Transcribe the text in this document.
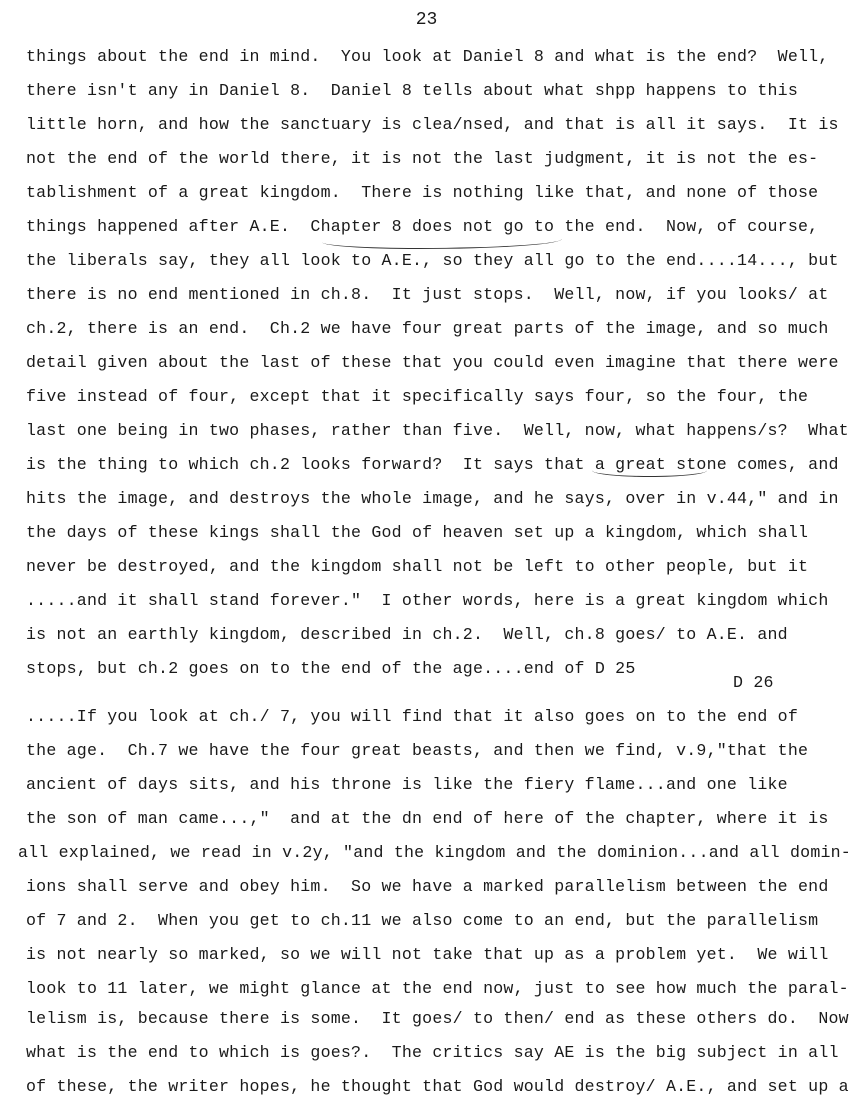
23
things about the end in mind.  You look at Daniel 8 and what is the end?  Well,
there isn't any in Daniel 8.  Daniel 8 tells about what shpp happens to this
little horn, and how the sanctuary is clea/nsed, and that is all it says.  It is
not the end of the world there, it is not the last judgment, it is not the es-
tablishment of a great kingdom.  There is nothing like that, and none of those
things happened after A.E.  Chapter 8 does not go to the end.  Now, of course,
the liberals say, they all look to A.E., so they all go to the end....14..., but
there is no end mentioned in ch.8.  It just stops.  Well, now, if you looks/ at
ch.2, there is an end.  Ch.2 we have four great parts of the image, and so much
detail given about the last of these that you could even imagine that there were
five instead of four, except that it specifically says four, so the four, the
last one being in two phases, rather than five.  Well, now, what happens/s?  What
is the thing to which ch.2 looks forward?  It says that a great stone comes, and
hits the image, and destroys the whole image, and he says, over in v.44," and in
the days of these kings shall the God of heaven set up a kingdom, which shall
never be destroyed, and the kingdom shall not be left to other people, but it
.....and it shall stand forever."  I other words, here is a great kingdom which
is not an earthly kingdom, described in ch.2.  Well, ch.8 goes/ to A.E. and
stops, but ch.2 goes on to the end of the age....end of D 25
D 26
.....If you look at ch./ 7, you will find that it also goes on to the end of
the age.  Ch.7 we have the four great beasts, and then we find, v.9,"that the
ancient of days sits, and his throne is like the fiery flame...and one like
the son of man came...,"  and at the dn end of here of the chapter, where it is
all explained, we read in v.2y, "and the kingdom and the dominion...and all domin-
ions shall serve and obey him.  So we have a marked parallelism between the end
of 7 and 2.  When you get to ch.11 we also come to an end, but the parallelism
is not nearly so marked, so we will not take that up as a problem yet.  We will
look to 11 later, we might glance at the end now, just to see how much the paral-
lelism is, because there is some.  It goes/ to then/ end as these others do.  Now
what is the end to which is goes?.  The critics say AE is the big subject in all
of these, the writer hopes, he thought that God would destroy/ A.E., and set up a
